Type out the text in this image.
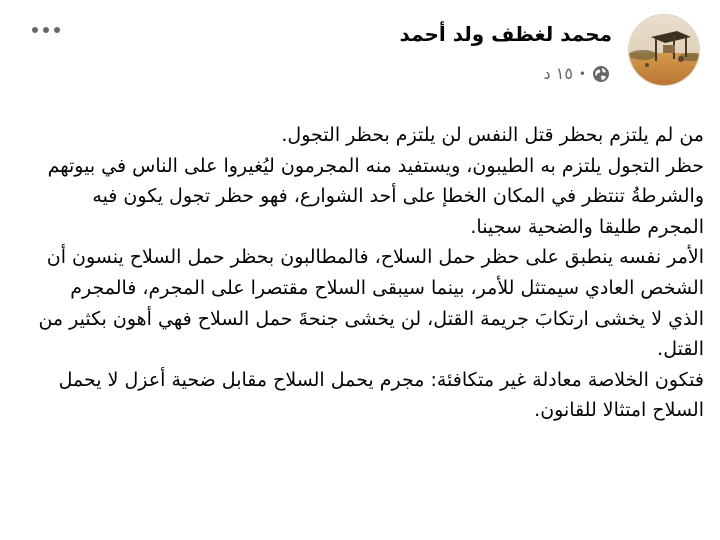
محمد لغظف ولد أحمد
١٥ د •

من لم يلتزم بحظر قتل النفس لن يلتزم بحظر التجول.

حظر التجول يلتزم به الطيبون، ويستفيد منه المجرمون ليُغيروا على الناس في بيوتهم والشرطةُ تنتظر في المكان الخطإ على أحد الشوارع، فهو حظر تجول يكون فيه المجرم طليقا والضحية سجينا.

الأمر نفسه ينطبق على حظر حمل السلاح، فالمطالبون بحظر حمل السلاح ينسون أن الشخص العادي سيمتثل للأمر، بينما سيبقى السلاح مقتصرا على المجرم، فالمجرم الذي لا يخشى ارتكابَ جريمة القتل، لن يخشى جنحةَ حمل السلاح فهي أهون بكثير من القتل.

فتكون الخلاصة معادلة غير متكافئة: مجرم يحمل السلاح مقابل ضحية أعزل لا يحمل السلاح امتثالا للقانون.
